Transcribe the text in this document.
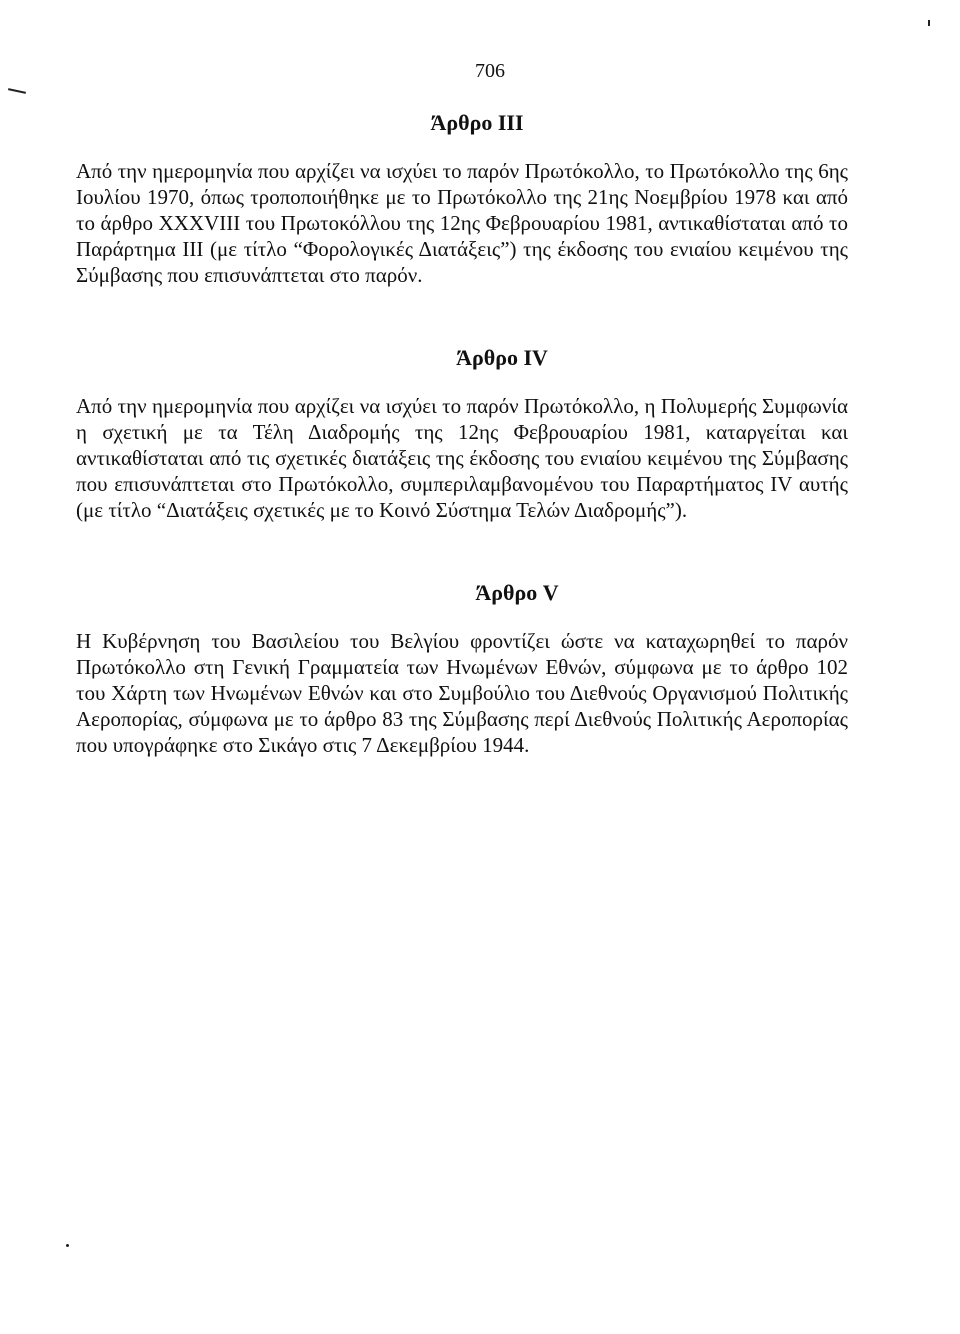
706
Άρθρο III

Από την ημερομηνία που αρχίζει να ισχύει το παρόν Πρωτόκολλο, το Πρωτόκολλο της 6ης Ιουλίου 1970, όπως τροποποιήθηκε με το Πρωτόκολλο της 21ης Νοεμβρίου 1978 και από το άρθρο XXXVIII του Πρωτοκόλλου της 12ης Φεβρουαρίου 1981, αντικαθίσταται από το Παράρτημα III (με τίτλο “Φορολογικές Διατάξεις”) της έκδοσης του ενιαίου κειμένου της Σύμβασης που επισυνάπτεται στο παρόν.

Άρθρο IV

Από την ημερομηνία που αρχίζει να ισχύει το παρόν Πρωτόκολλο, η Πολυμερής Συμφωνία η σχετική με τα Τέλη Διαδρομής της 12ης Φεβρουαρίου 1981, καταργείται και αντικαθίσταται από τις σχετικές διατάξεις της έκδοσης του ενιαίου κειμένου της Σύμβασης που επισυνάπτεται στο Πρωτόκολλο, συμπεριλαμβανομένου του Παραρτήματος IV αυτής (με τίτλο “Διατάξεις σχετικές με το Κοινό Σύστημα Τελών Διαδρομής”).

Άρθρο V

Η Κυβέρνηση του Βασιλείου του Βελγίου φροντίζει ώστε να καταχωρηθεί το παρόν Πρωτόκολλο στη Γενική Γραμματεία των Ηνωμένων Εθνών, σύμφωνα με το άρθρο 102 του Χάρτη των Ηνωμένων Εθνών και στο Συμβούλιο του Διεθνούς Οργανισμού Πολιτικής Αεροπορίας, σύμφωνα με το άρθρο 83 της Σύμβασης περί Διεθνούς Πολιτικής Αεροπορίας που υπογράφηκε στο Σικάγο στις 7 Δεκεμβρίου 1944.
